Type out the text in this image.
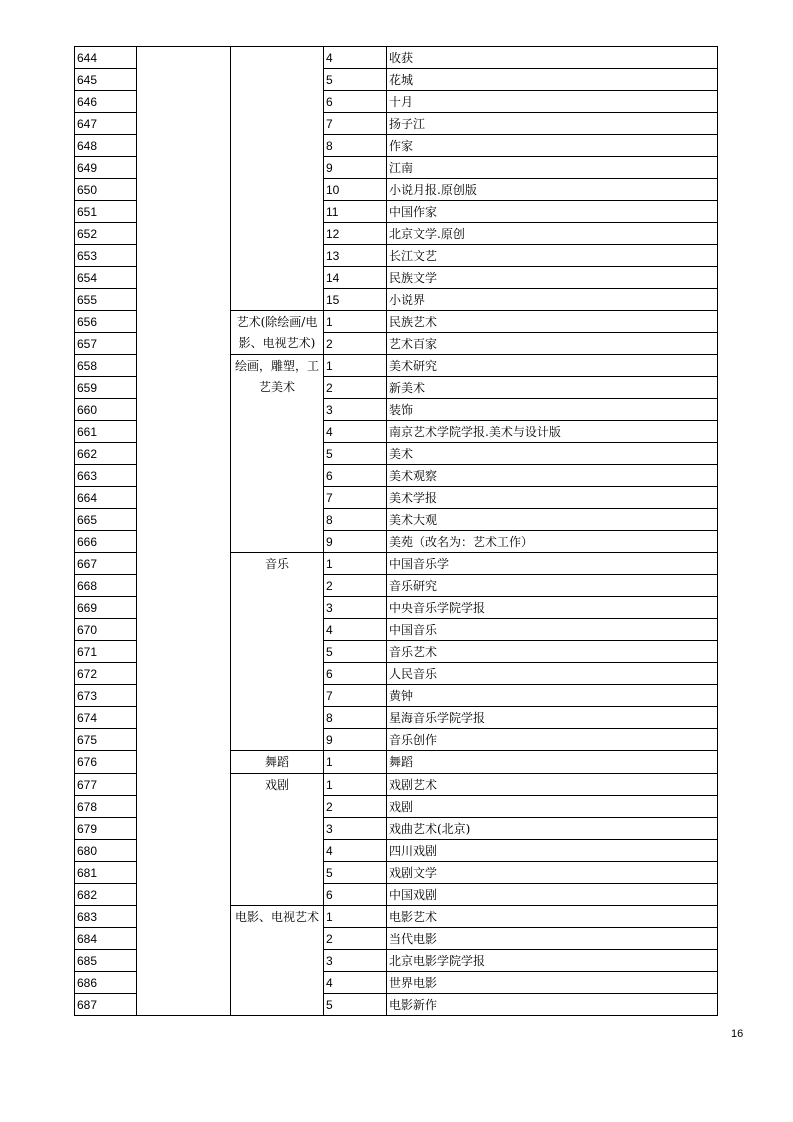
644			4	收获
645			5	花城
646			6	十月
647			7	扬子江
648			8	作家
649			9	江南
650			10	小说月报.原创版
651			11	中国作家
652			12	北京文学.原创
653			13	长江文艺
654			14	民族文学
655			15	小说界
656		艺术(除绘画/电影、电视艺术)	1	民族艺术
657			2	艺术百家
658		绘画，雕塑，工艺美术	1	美术研究
659			2	新美术
660			3	装饰
661			4	南京艺术学院学报.美术与设计版
662			5	美术
663			6	美术观察
664			7	美术学报
665			8	美术大观
666			9	美苑（改名为：艺术工作）
667		音乐	1	中国音乐学
668			2	音乐研究
669			3	中央音乐学院学报
670			4	中国音乐
671			5	音乐艺术
672			6	人民音乐
673			7	黄钟
674			8	星海音乐学院学报
675			9	音乐创作
676		舞蹈	1	舞蹈
677		戏剧	1	戏剧艺术
678			2	戏剧
679			3	戏曲艺术(北京)
680			4	四川戏剧
681			5	戏剧文学
682			6	中国戏剧
683		电影、电视艺术	1	电影艺术
684			2	当代电影
685			3	北京电影学院学报
686			4	世界电影
687			5	电影新作
16
